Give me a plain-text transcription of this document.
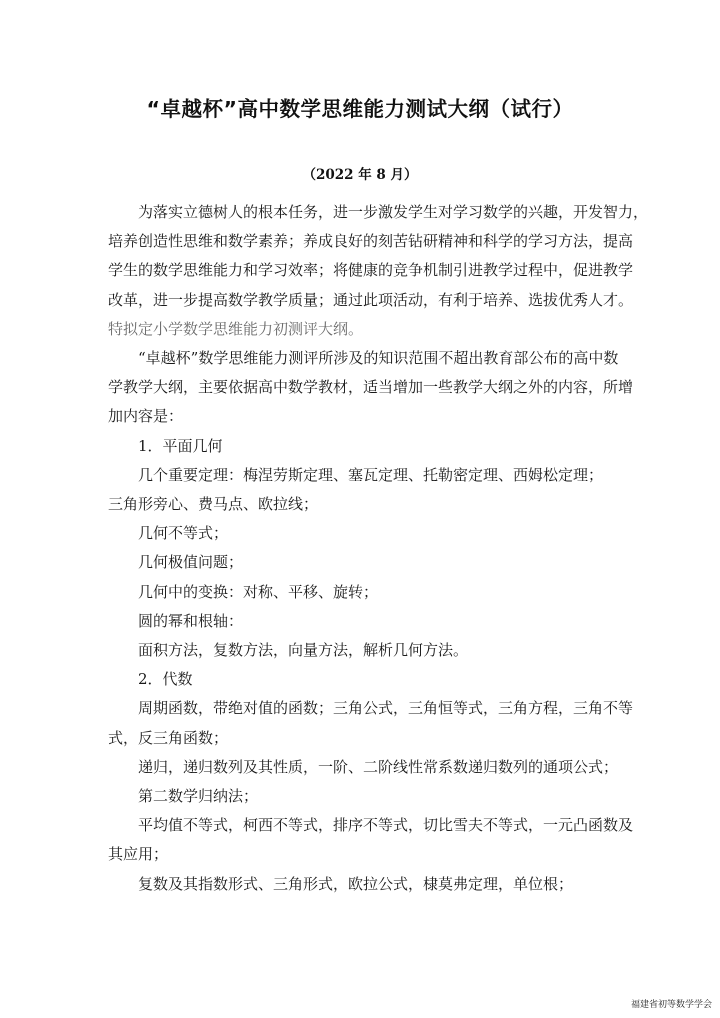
“卓越杯”高中数学思维能力测试大纲（试行）
（2022 年 8 月）
为落实立德树人的根本任务，进一步激发学生对学习数学的兴趣，开发智力，
培养创造性思维和数学素养；养成良好的刻苦钻研精神和科学的学习方法，提高
学生的数学思维能力和学习效率；将健康的竞争机制引进教学过程中，促进教学
改革，进一步提高数学教学质量；通过此项活动，有利于培养、选拔优秀人才。
特拟定小学数学思维能力初测评大纲。
“卓越杯”数学思维能力测评所涉及的知识范围不超出教育部公布的高中数
学教学大纲，主要依据高中数学教材，适当增加一些教学大纲之外的内容，所增
加内容是：
1．平面几何
几个重要定理：梅涅劳斯定理、塞瓦定理、托勒密定理、西姆松定理；
三角形旁心、费马点、欧拉线；
几何不等式；
几何极值问题；
几何中的变换：对称、平移、旋转；
圆的幂和根轴：
面积方法，复数方法，向量方法，解析几何方法。
2．代数
周期函数，带绝对值的函数；三角公式，三角恒等式，三角方程，三角不等
式，反三角函数；
递归，递归数列及其性质，一阶、二阶线性常系数递归数列的通项公式；
第二数学归纳法；
平均值不等式，柯西不等式，排序不等式，切比雪夫不等式，一元凸函数及
其应用；
复数及其指数形式、三角形式，欧拉公式，棣莫弗定理，单位根；
福建省初等数学学会
